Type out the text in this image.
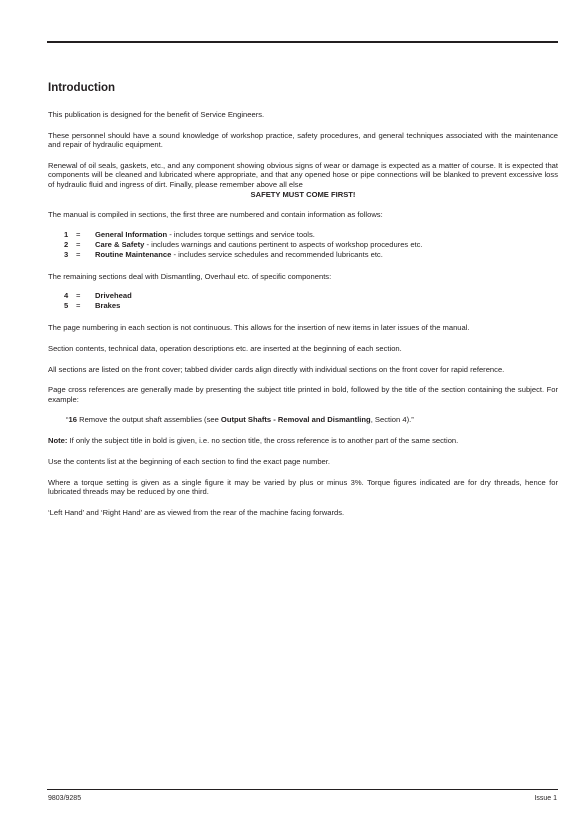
Introduction

This publication is designed for the benefit of Service Engineers.

These personnel should have a sound knowledge of workshop practice, safety procedures, and general techniques associated with the maintenance and repair of hydraulic equipment.

Renewal of oil seals, gaskets, etc., and any component showing obvious signs of wear or damage is expected as a matter of course. It is expected that components will be cleaned and lubricated where appropriate, and that any opened hose or pipe connections will be blanked to prevent excessive loss of hydraulic fluid and ingress of dirt. Finally, please remember above all else

SAFETY MUST COME FIRST!

The manual is compiled in sections, the first three are numbered and contain information as follows:

1	=	General Information - includes torque settings and service tools.
2	=	Care & Safety - includes warnings and cautions pertinent to aspects of workshop procedures etc.
3	=	Routine Maintenance - includes service schedules and recommended lubricants etc.

The remaining sections deal with Dismantling, Overhaul etc. of specific components:

4	=	Drivehead
5	=	Brakes

The page numbering in each section is not continuous. This allows for the insertion of new items in later issues of the manual.

Section contents, technical data, operation descriptions etc. are inserted at the beginning of each section.

All sections are listed on the front cover; tabbed divider cards align directly with individual sections on the front cover for rapid reference.

Page cross references are generally made by presenting the subject title printed in bold, followed by the title of the section containing the subject. For example:

“16 Remove the output shaft assemblies (see Output Shafts - Removal and Dismantling, Section 4).”

Note: If only the subject title in bold is given, i.e. no section title, the cross reference is to another part of the same section.

Use the contents list at the beginning of each section to find the exact page number.

Where a torque setting is given as a single figure it may be varied by plus or minus 3%. Torque figures indicated are for dry threads, hence for lubricated threads may be reduced by one third.

‘Left Hand’ and ‘Right Hand’ are as viewed from the rear of the machine facing forwards.

9803/9285	Issue 1
